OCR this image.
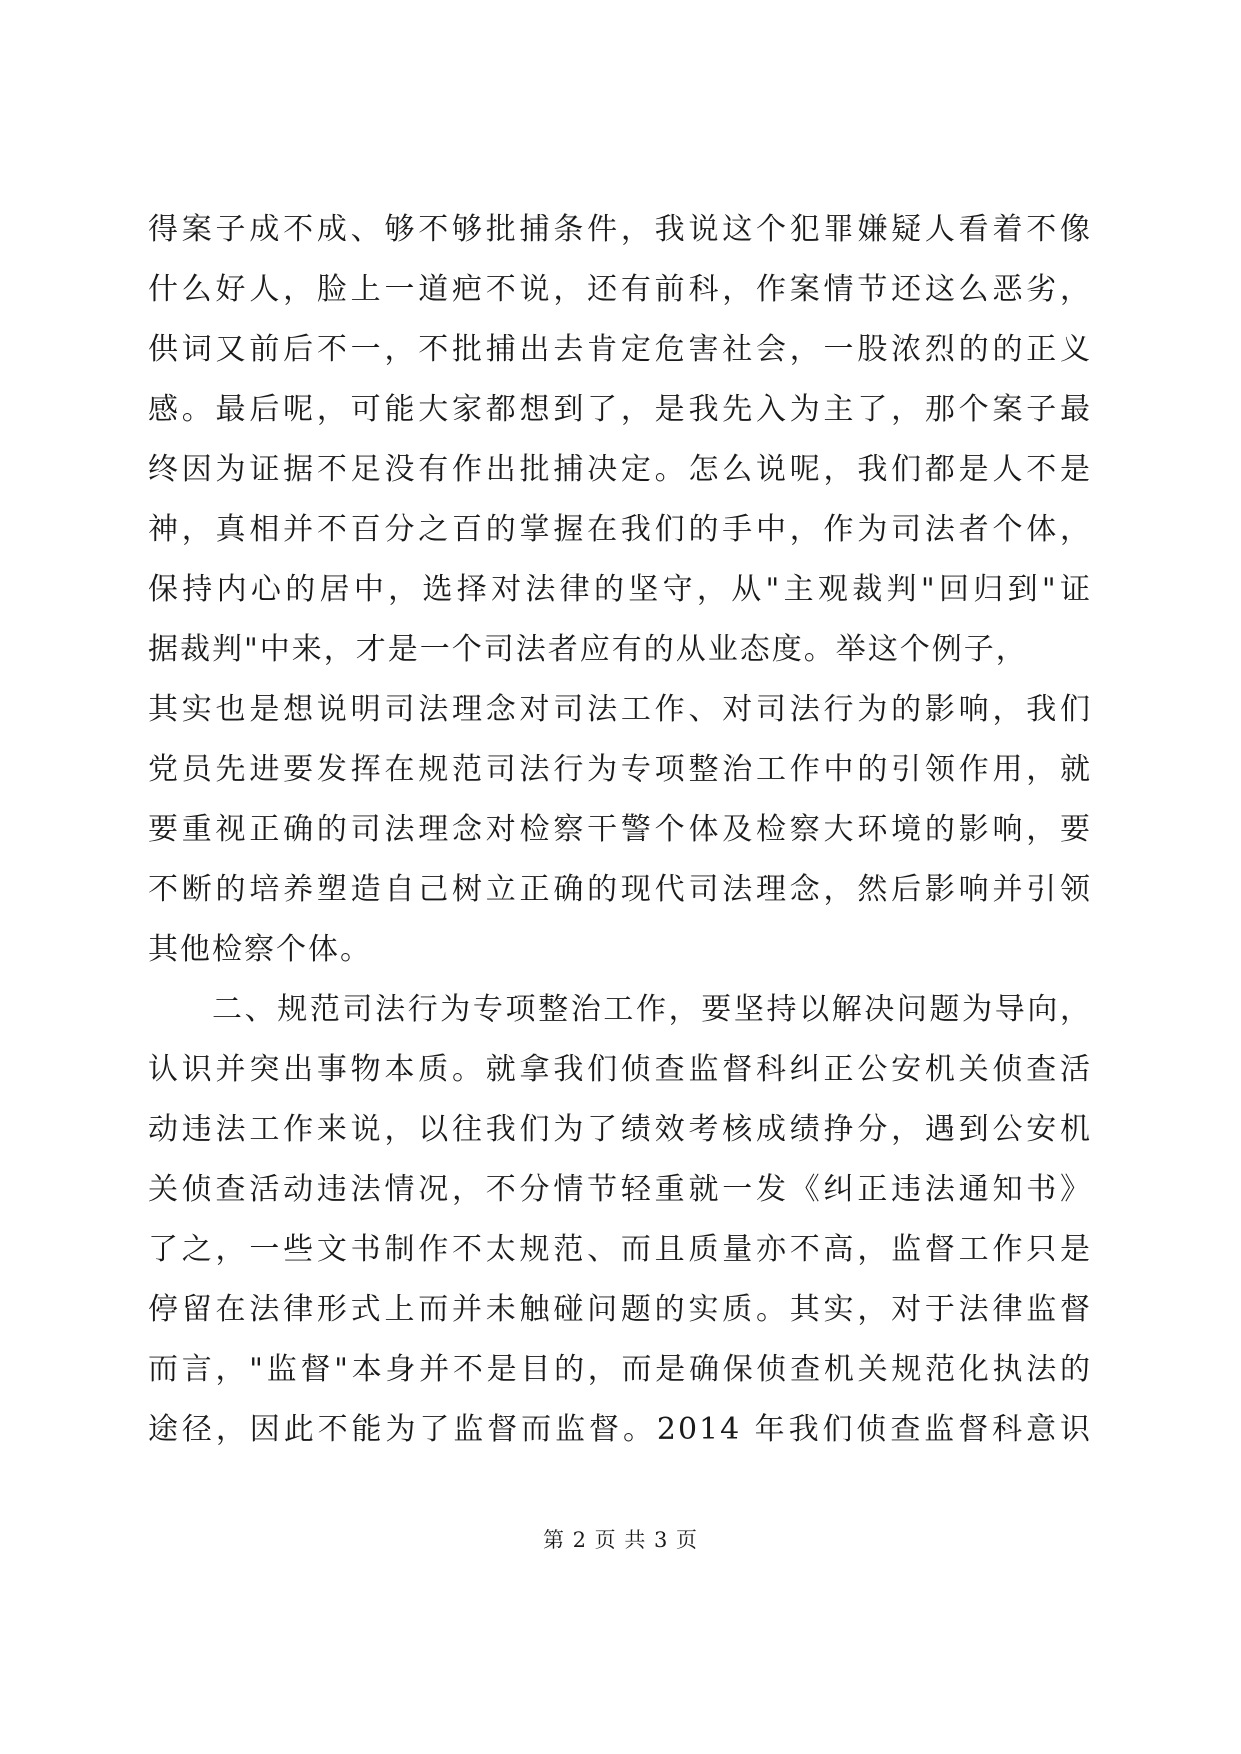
得案子成不成、够不够批捕条件，我说这个犯罪嫌疑人看着不像
什么好人，脸上一道疤不说，还有前科，作案情节还这么恶劣，
供词又前后不一，不批捕出去肯定危害社会，一股浓烈的的正义
感。最后呢，可能大家都想到了，是我先入为主了，那个案子最
终因为证据不足没有作出批捕决定。怎么说呢，我们都是人不是
神，真相并不百分之百的掌握在我们的手中，作为司法者个体，
保持内心的居中，选择对法律的坚守，从"主观裁判"回归到"证
据裁判"中来，才是一个司法者应有的从业态度。举这个例子，
其实也是想说明司法理念对司法工作、对司法行为的影响，我们
党员先进要发挥在规范司法行为专项整治工作中的引领作用，就
要重视正确的司法理念对检察干警个体及检察大环境的影响，要
不断的培养塑造自己树立正确的现代司法理念，然后影响并引领
其他检察个体。
二、规范司法行为专项整治工作，要坚持以解决问题为导向，
认识并突出事物本质。就拿我们侦查监督科纠正公安机关侦查活
动违法工作来说，以往我们为了绩效考核成绩挣分，遇到公安机
关侦查活动违法情况，不分情节轻重就一发《纠正违法通知书》
了之，一些文书制作不太规范、而且质量亦不高，监督工作只是
停留在法律形式上而并未触碰问题的实质。其实，对于法律监督
而言，"监督"本身并不是目的，而是确保侦查机关规范化执法的
途径，因此不能为了监督而监督。2014 年我们侦查监督科意识
第 2 页 共 3 页
